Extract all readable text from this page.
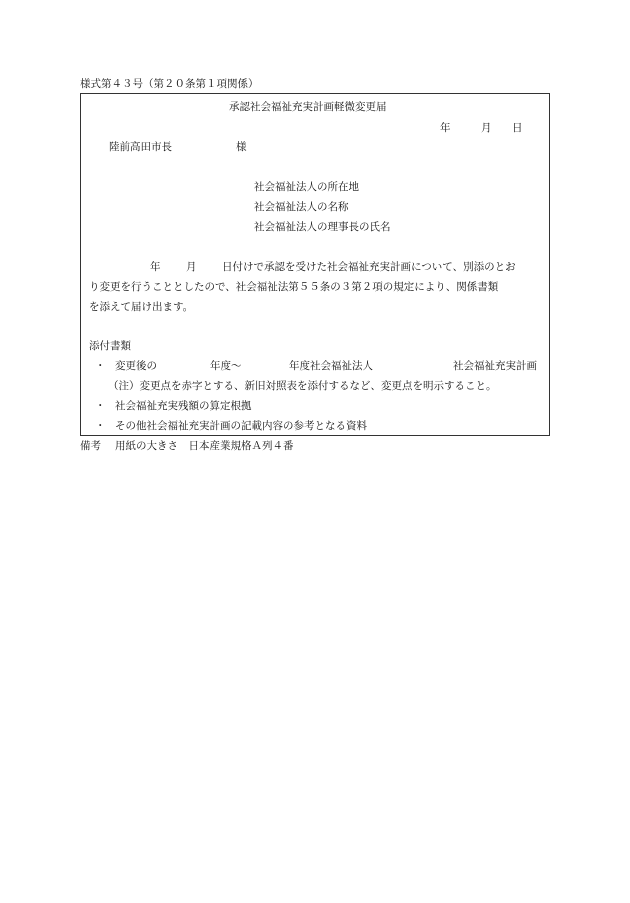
様式第４３号（第２０条第１項関係）
承認社会福祉充実計画軽微変更届
年	月 日
陸前高田市長	様
社会福祉法人の所在地
社会福祉法人の名称
社会福祉法人の理事長の氏名
年 月 日付けで承認を受けた社会福祉充実計画について、別添のとお
り変更を行うこととしたので、社会福祉法第５５条の３第２項の規定により、関係書類
を添えて届け出ます。
添付書類
・ 変更後の	年度～	年度社会福祉法人	社会福祉充実計画
（注）変更点を赤字とする、新旧対照表を添付するなど、変更点を明示すること。
・ 社会福祉充実残額の算定根拠
・ その他社会福祉充実計画の記載内容の参考となる資料
備考 用紙の大きさ　日本産業規格Ａ列４番
